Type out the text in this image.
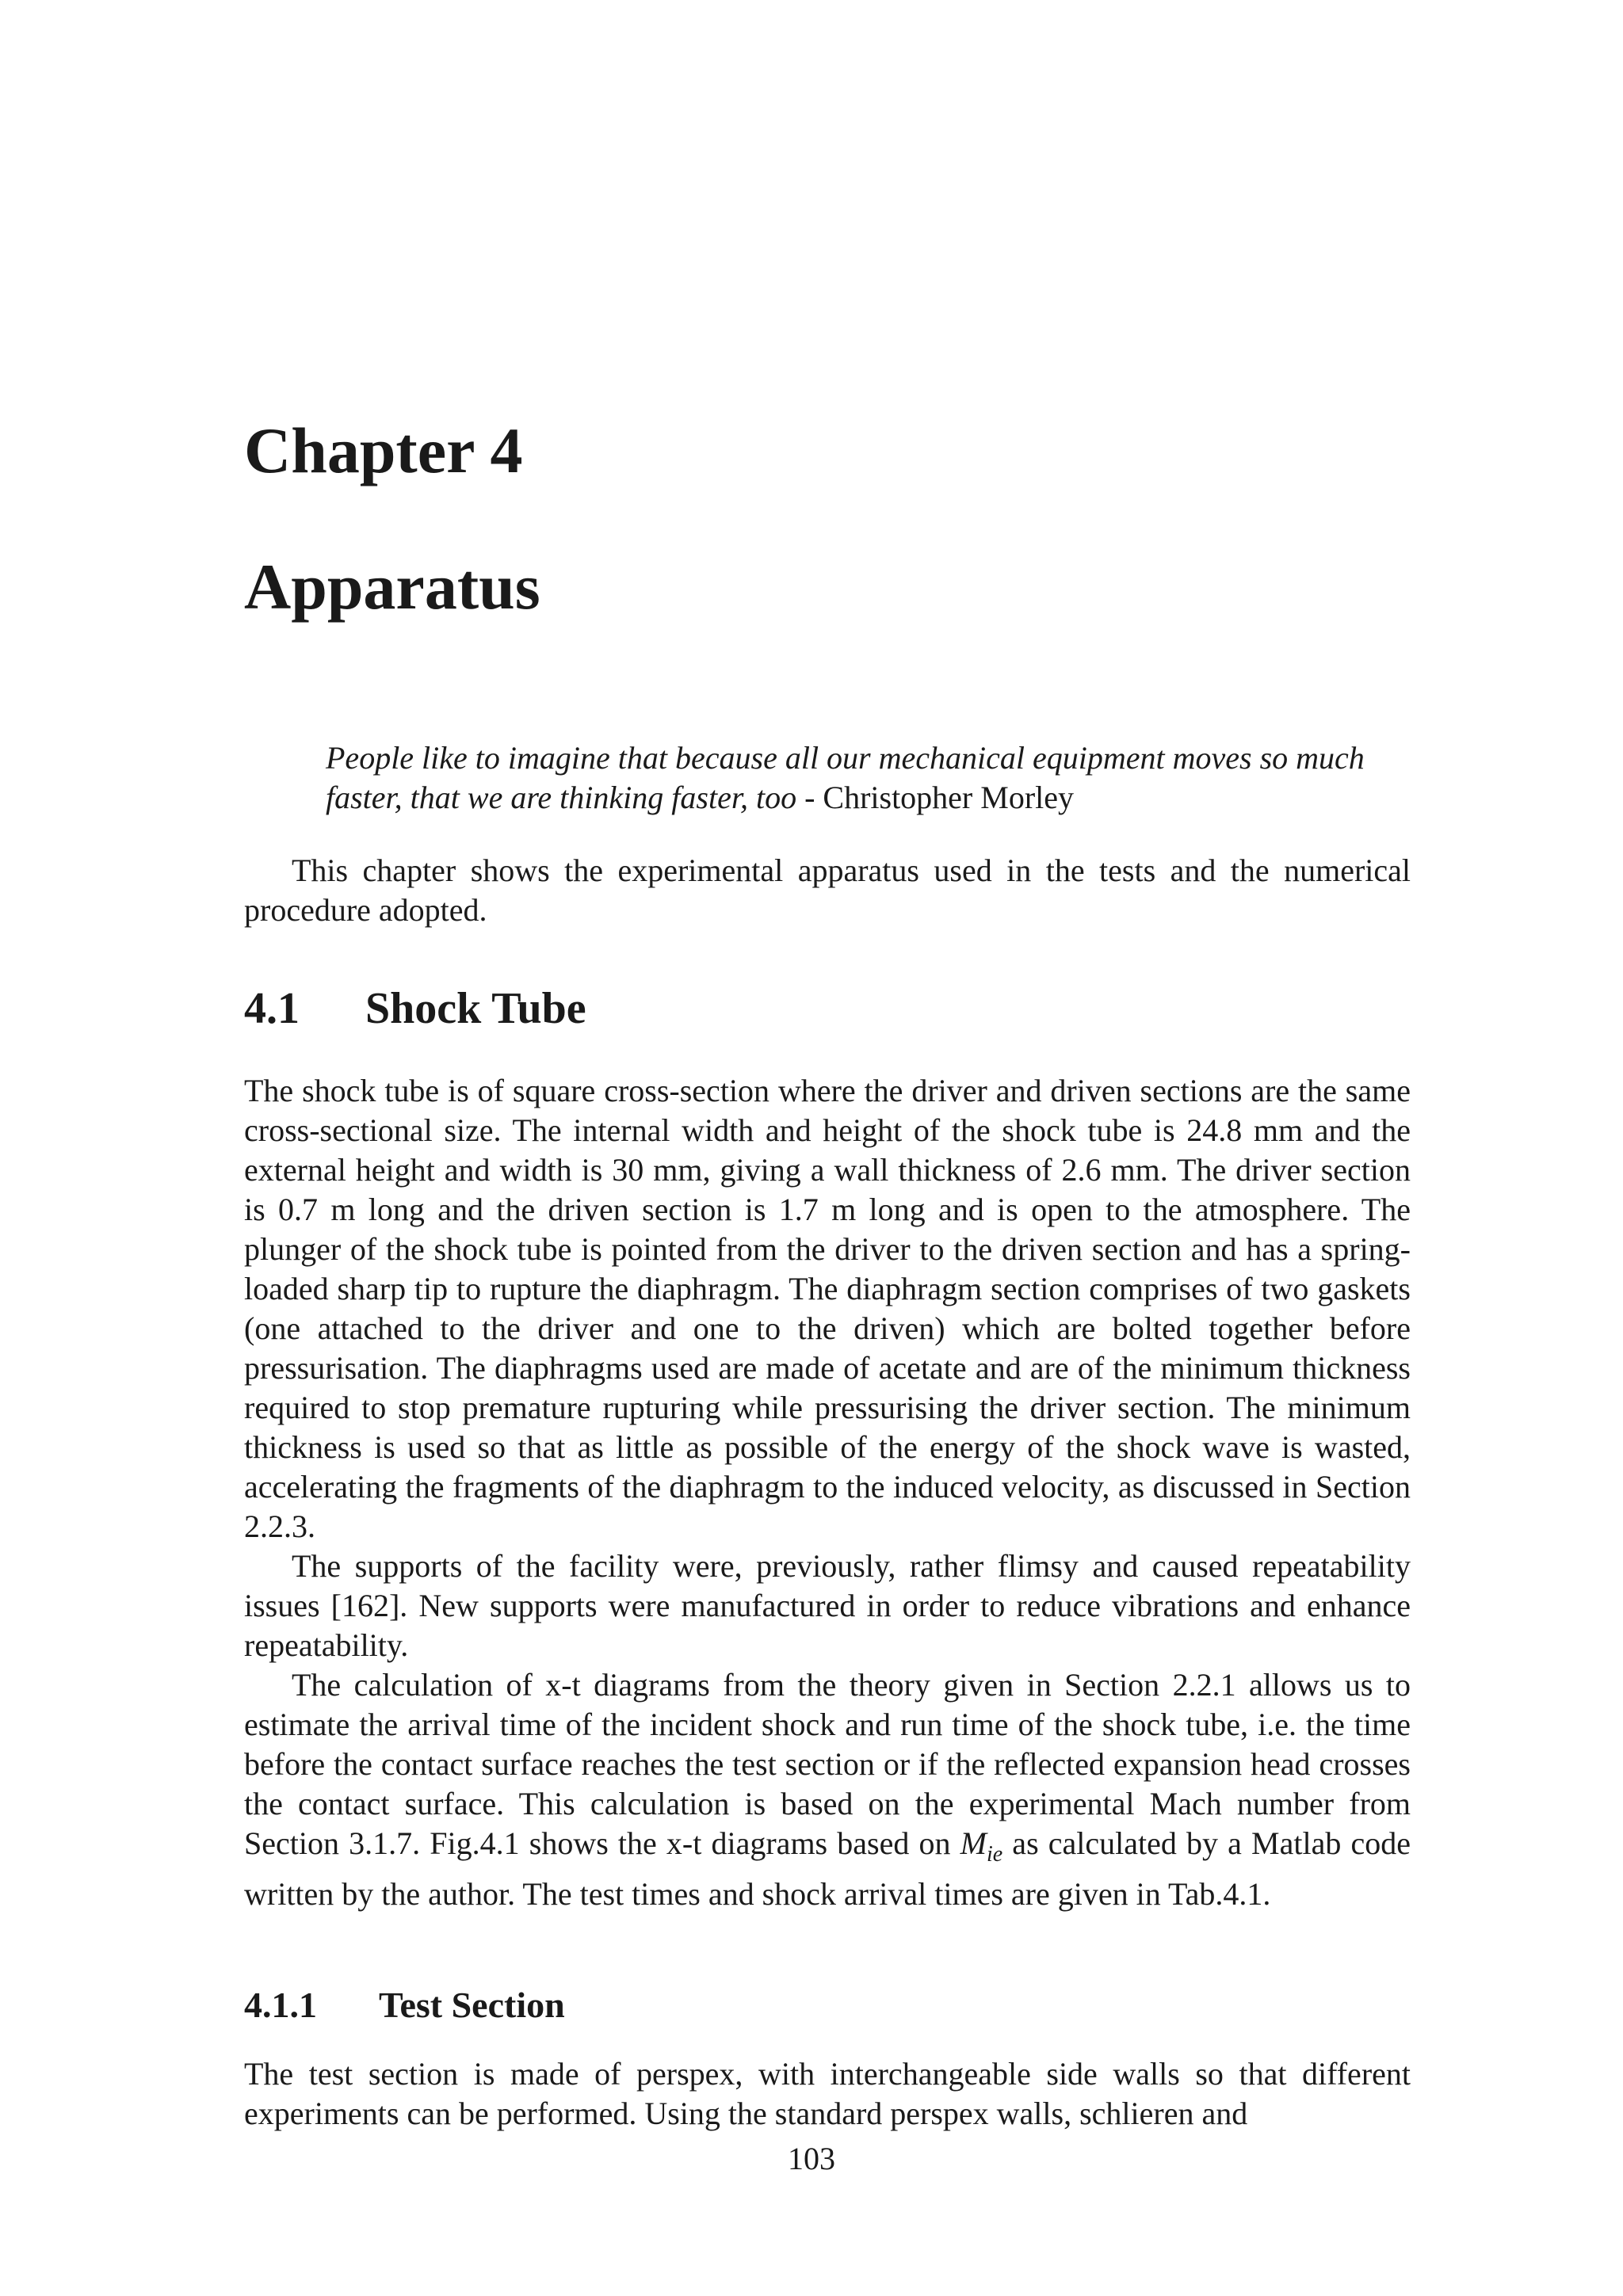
Chapter 4
Apparatus
People like to imagine that because all our mechanical equipment moves so much faster, that we are thinking faster, too - Christopher Morley

This chapter shows the experimental apparatus used in the tests and the numerical procedure adopted.

4.1 Shock Tube

The shock tube is of square cross-section where the driver and driven sections are the same cross-sectional size. The internal width and height of the shock tube is 24.8 mm and the external height and width is 30 mm, giving a wall thickness of 2.6 mm. The driver section is 0.7 m long and the driven section is 1.7 m long and is open to the atmosphere. The plunger of the shock tube is pointed from the driver to the driven section and has a spring-loaded sharp tip to rupture the diaphragm. The diaphragm section comprises of two gaskets (one attached to the driver and one to the driven) which are bolted together before pressurisation. The diaphragms used are made of acetate and are of the minimum thickness required to stop premature rupturing while pressurising the driver section. The minimum thickness is used so that as little as possible of the energy of the shock wave is wasted, accelerating the fragments of the diaphragm to the induced velocity, as discussed in Section 2.2.3.

The supports of the facility were, previously, rather flimsy and caused repeatability issues [162]. New supports were manufactured in order to reduce vibrations and enhance repeatability.

The calculation of x-t diagrams from the theory given in Section 2.2.1 allows us to estimate the arrival time of the incident shock and run time of the shock tube, i.e. the time before the contact surface reaches the test section or if the reflected expansion head crosses the contact surface. This calculation is based on the experimental Mach number from Section 3.1.7. Fig.4.1 shows the x-t diagrams based on $M_{ie}$ as calculated by a Matlab code written by the author. The test times and shock arrival times are given in Tab.4.1.

4.1.1 Test Section

The test section is made of perspex, with interchangeable side walls so that different experiments can be performed. Using the standard perspex walls, schlieren and

103
